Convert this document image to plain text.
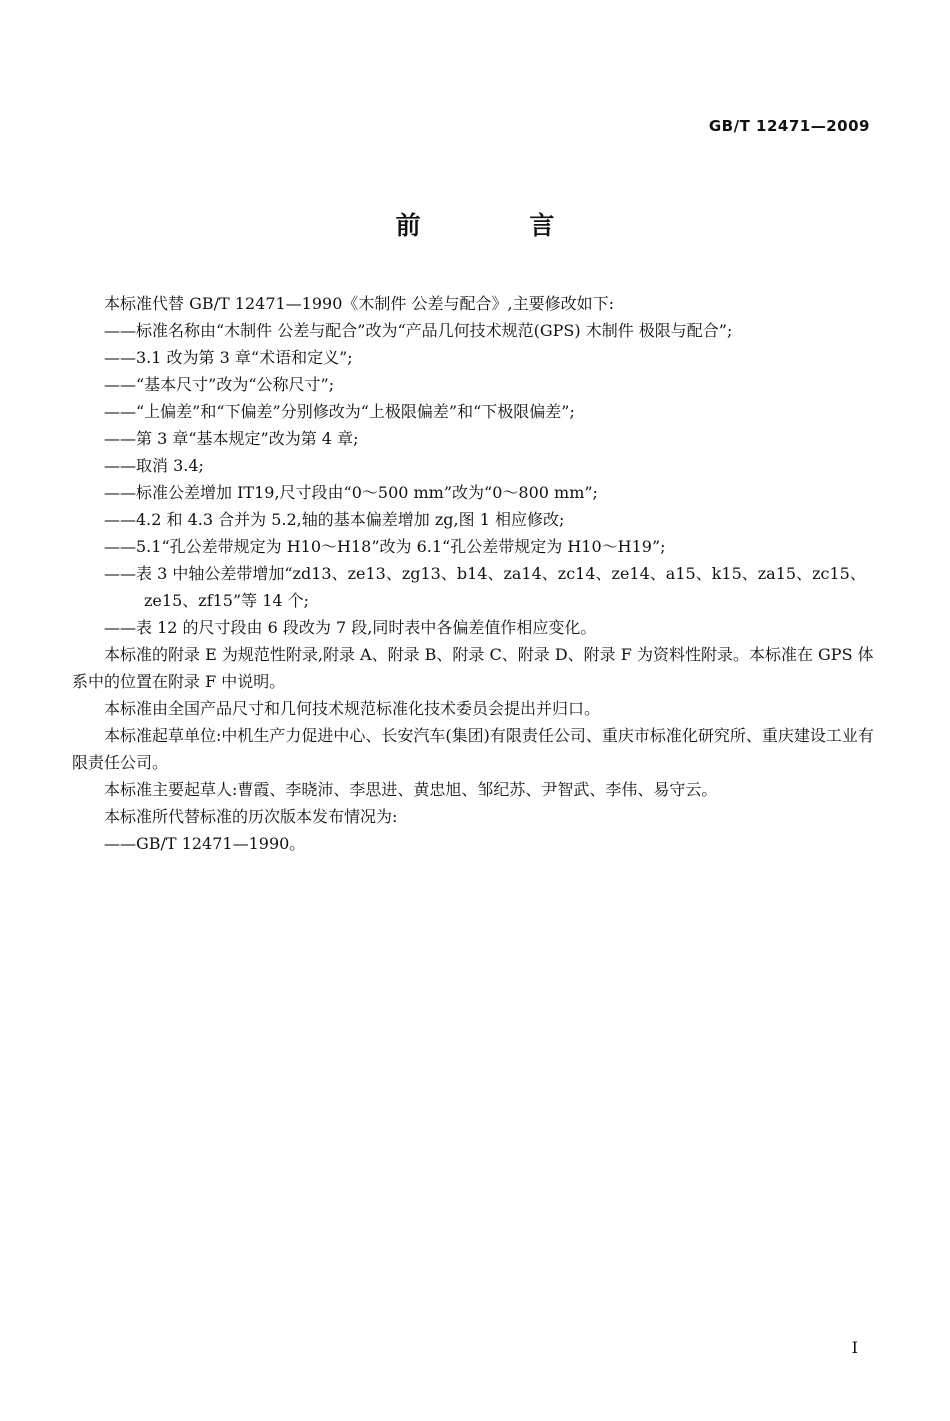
GB/T 12471—2009
前 言

本标准代替 GB/T 12471—1990《木制件 公差与配合》,主要修改如下:

——标准名称由“木制件 公差与配合”改为“产品几何技术规范(GPS) 木制件 极限与配合”;

——3.1 改为第 3 章“术语和定义”;

——“基本尺寸”改为“公称尺寸”;

——“上偏差”和“下偏差”分别修改为“上极限偏差”和“下极限偏差”;

——第 3 章“基本规定”改为第 4 章;

——取消 3.4;

——标准公差增加 IT19,尺寸段由“0～500 mm”改为“0～800 mm”;

——4.2 和 4.3 合并为 5.2,轴的基本偏差增加 zg,图 1 相应修改;

——5.1“孔公差带规定为 H10～H18”改为 6.1“孔公差带规定为 H10～H19”;

——表 3 中轴公差带增加“zd13、ze13、zg13、b14、za14、zc14、ze14、a15、k15、za15、zc15、ze15、zf15”等 14 个;

——表 12 的尺寸段由 6 段改为 7 段,同时表中各偏差值作相应变化。

本标准的附录 E 为规范性附录,附录 A、附录 B、附录 C、附录 D、附录 F 为资料性附录。本标准在 GPS 体系中的位置在附录 F 中说明。

本标准由全国产品尺寸和几何技术规范标准化技术委员会提出并归口。

本标准起草单位:中机生产力促进中心、长安汽车(集团)有限责任公司、重庆市标准化研究所、重庆建设工业有限责任公司。

本标准主要起草人:曹霞、李晓沛、李思进、黄忠旭、邹纪苏、尹智武、李伟、易守云。

本标准所代替标准的历次版本发布情况为:

——GB/T 12471—1990。

I
